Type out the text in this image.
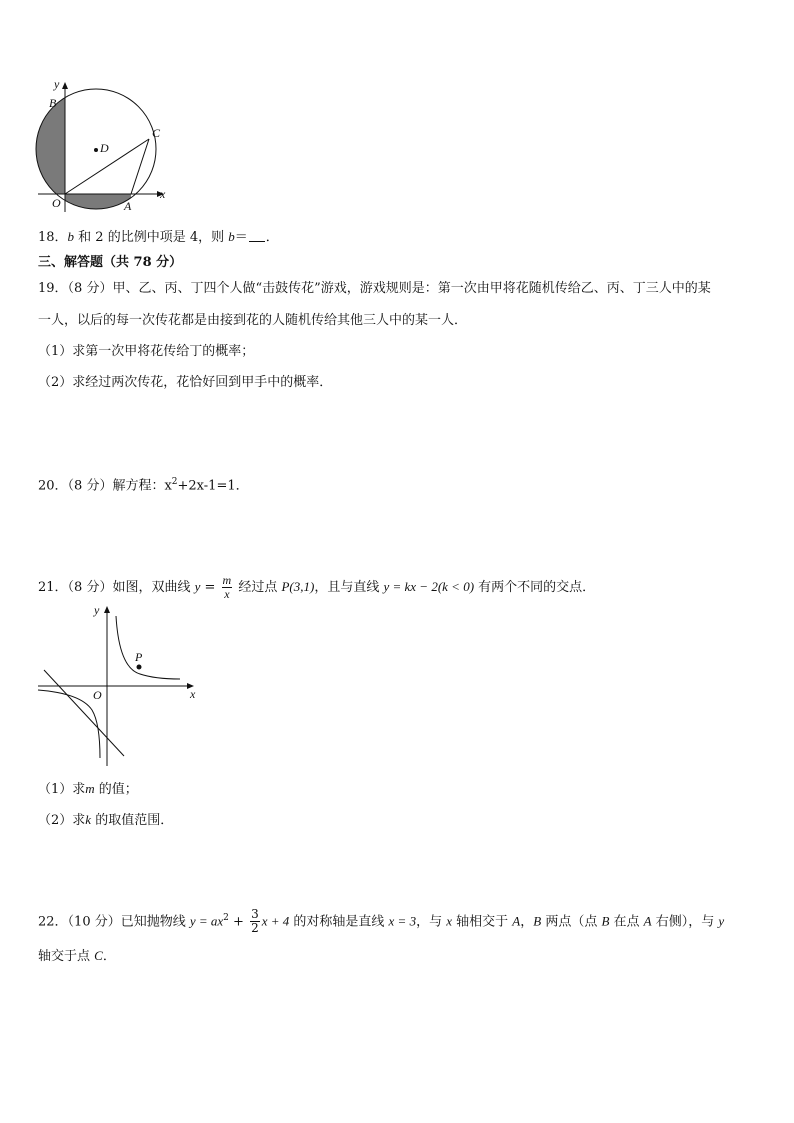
y
B
C
D
x
O	A
18．b 和 2 的比例中项是 4，则 b＝ ．
三、解答题（共 78 分）
19．（8 分）甲、乙、丙、丁四个人做“击鼓传花”游戏，游戏规则是：第一次由甲将花随机传给乙、丙、丁三人中的某
一人，以后的每一次传花都是由接到花的人随机传给其他三人中的某一人．
（1）求第一次甲将花传给丁的概率；
（2）求经过两次传花，花恰好回到甲手中的概率．
20．（8 分）解方程：$x^2+2x-1=1$．
21．（8 分）如图，双曲线 $y = \frac{m}{x}$ 经过点 P(3,1)，且与直线 y = kx − 2(k < 0) 有两个不同的交点．
P
y
O	x
（1）求m 的值；
（2）求k 的取值范围．
22．（10 分）已知抛物线 $y = ax^2 + \frac{3}{2}$ x + 4 的对称轴是直线 x = 3，与 x 轴相交于 A，B 两点（点 B 在点 A 右侧），与 y
轴交于点 C．
